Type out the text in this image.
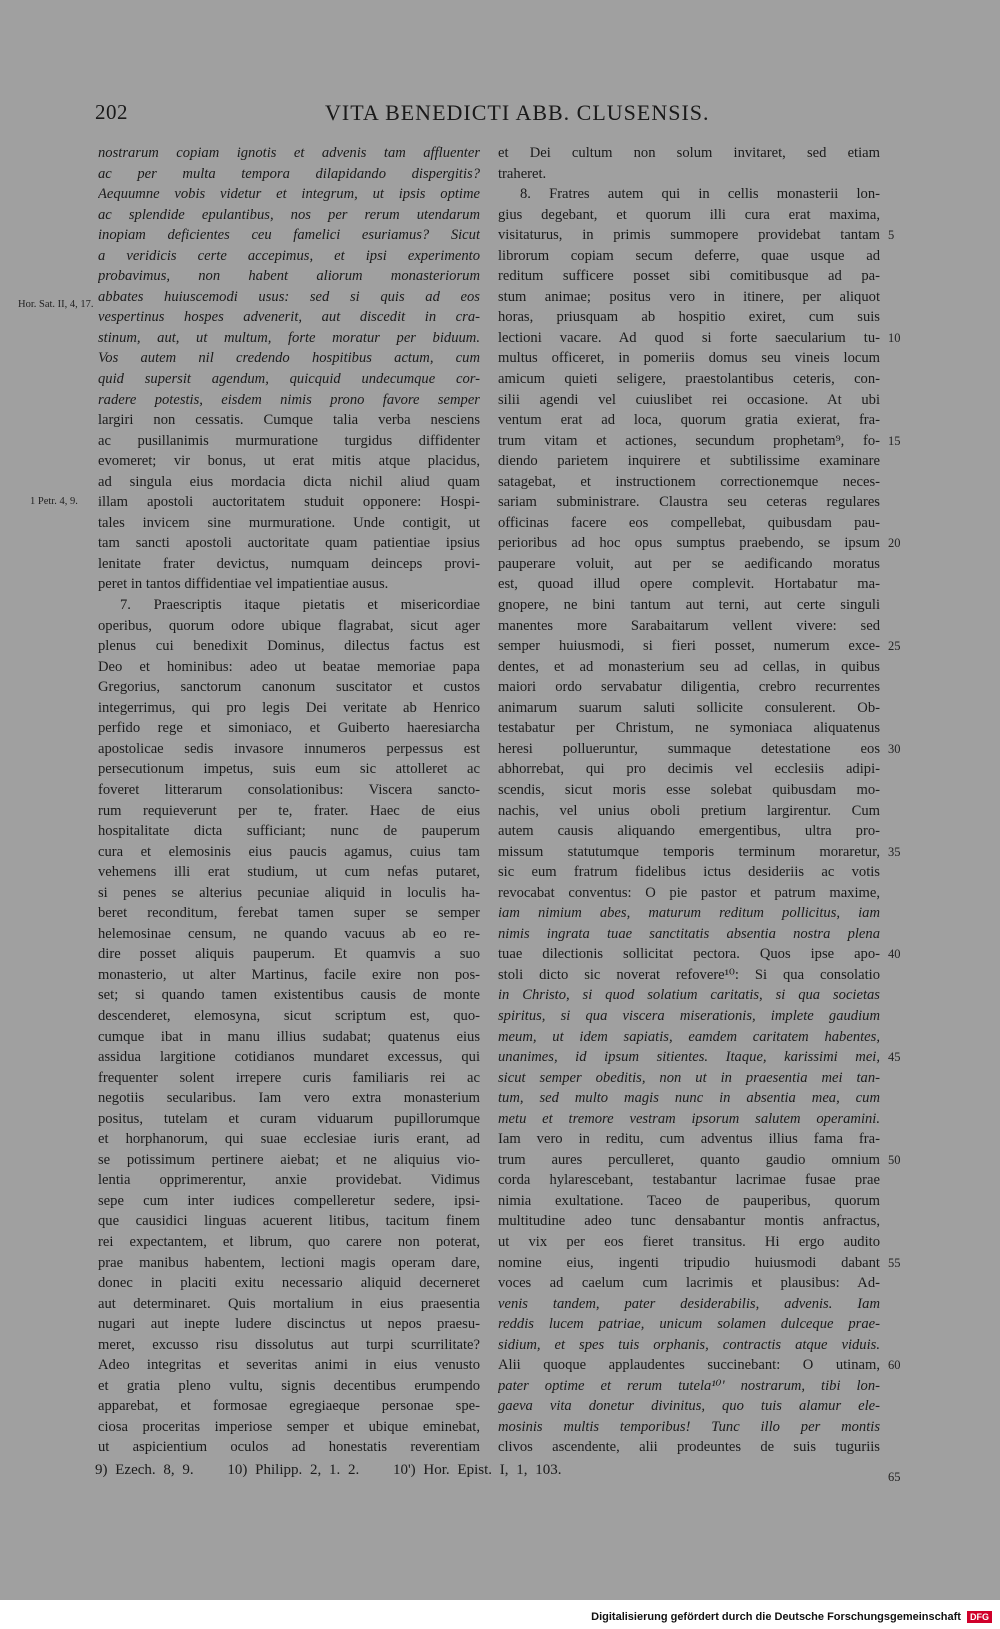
202	VITA BENEDICTI ABB. CLUSENSIS.
Hor. Sat. II, 4, 17.
1 Petr. 4, 9.
nostrarum copiam ignotis et advenis tam affluenter
ac per multa tempora dilapidando dispergitis?
Aequumne vobis videtur et integrum, ut ipsis optime
ac splendide epulantibus, nos per rerum utendarum
inopiam deficientes ceu famelici esuriamus? Sicut
a veridicis certe accepimus, et ipsi experimento
probavimus, non habent aliorum monasteriorum
abbates huiuscemodi usus: sed si quis ad eos
vespertinus hospes advenerit, aut discedit in cra-
stinum, aut, ut multum, forte moratur per biduum.
Vos autem nil credendo hospitibus actum, cum
quid supersit agendum, quicquid undecumque cor-
radere potestis, eisdem nimis prono favore semper
largiri non cessatis. Cumque talia verba nesciens
ac pusillanimis murmuratione turgidus diffidenter
evomeret; vir bonus, ut erat mitis atque placidus,
ad singula eius mordacia dicta nichil aliud quam
illam apostoli auctoritatem studuit opponere: Hospi-
tales invicem sine murmuratione. Unde contigit, ut
tam sancti apostoli auctoritate quam patientiae ipsius
lenitate frater devictus, numquam deinceps provi-
peret in tantos diffidentiae vel impatientiae ausus.
7. Praescriptis itaque pietatis et misericordiae
operibus, quorum odore ubique flagrabat, sicut ager
plenus cui benedixit Dominus, dilectus factus est
Deo et hominibus: adeo ut beatae memoriae papa
Gregorius, sanctorum canonum suscitator et custos
integerrimus, qui pro legis Dei veritate ab Henrico
perfido rege et simoniaco, et Guiberto haeresiarcha
apostolicae sedis invasore innumeros perpessus est
persecutionum impetus, suis eum sic attolleret ac
foveret litterarum consolationibus: Viscera sancto-
rum requieverunt per te, frater. Haec de eius
hospitalitate dicta sufficiant; nunc de pauperum
cura et elemosinis eius paucis agamus, cuius tam
vehemens illi erat studium, ut cum nefas putaret,
si penes se alterius pecuniae aliquid in loculis ha-
beret reconditum, ferebat tamen super se semper
helemosinae censum, ne quando vacuus ab eo re-
dire posset aliquis pauperum. Et quamvis a suo
monasterio, ut alter Martinus, facile exire non pos-
set; si quando tamen existentibus causis de monte
descenderet, elemosyna, sicut scriptum est, quo-
cumque ibat in manu illius sudabat; quatenus eius
assidua largitione cotidianos mundaret excessus, qui
frequenter solent irrepere curis familiaris rei ac
negotiis secularibus. Iam vero extra monasterium
positus, tutelam et curam viduarum pupillorumque
et horphanorum, qui suae ecclesiae iuris erant, ad
se potissimum pertinere aiebat; et ne aliquius vio-
lentia opprimerentur, anxie providebat. Vidimus
sepe cum inter iudices compelleretur sedere, ipsi-
que causidici linguas acuerent litibus, tacitum finem
rei expectantem, et librum, quo carere non poterat,
prae manibus habentem, lectioni magis operam dare,
donec in placiti exitu necessario aliquid decerneret
aut determinaret. Quis mortalium in eius praesentia
nugari aut inepte ludere discinctus ut nepos praesu-
meret, excusso risu dissolutus aut turpi scurrilitate?
Adeo integritas et severitas animi in eius venusto
et gratia pleno vultu, signis decentibus erumpendo
apparebat, et formosae egregiaeque personae spe-
ciosa proceritas imperiose semper et ubique eminebat,
ut aspicientium oculos ad honestatis reverentiam
et Dei cultum non solum invitaret, sed etiam
traheret.
8. Fratres autem qui in cellis monasterii lon-
gius degebant, et quorum illi cura erat maxima,
visitaturus, in primis summopere providebat tantam
librorum copiam secum deferre, quae usque ad
reditum sufficere posset sibi comitibusque ad pa-
stum animae; positus vero in itinere, per aliquot
horas, priusquam ab hospitio exiret, cum suis
lectioni vacare. Ad quod si forte saecularium tu-
multus officeret, in pomeriis domus seu vineis locum
amicum quieti seligere, praestolantibus ceteris, con-
silii agendi vel cuiuslibet rei occasione. At ubi
ventum erat ad loca, quorum gratia exierat, fra-
trum vitam et actiones, secundum prophetam⁹, fo-
diendo parietem inquirere et subtilissime examinare
satagebat, et instructionem correctionemque neces-
sariam subministrare. Claustra seu ceteras regulares
officinas facere eos compellebat, quibusdam pau-
perioribus ad hoc opus sumptus praebendo, se ipsum
pauperare voluit, aut per se aedificando moratus
est, quoad illud opere complevit. Hortabatur ma-
gnopere, ne bini tantum aut terni, aut certe singuli
manentes more Sarabaitarum vellent vivere: sed
semper huiusmodi, si fieri posset, numerum exce-
dentes, et ad monasterium seu ad cellas, in quibus
maiori ordo servabatur diligentia, crebro recurrentes
animarum suarum saluti sollicite consulerent. Ob-
testabatur per Christum, ne symoniaca aliquatenus
heresi pollueruntur, summaque detestatione eos
abhorrebat, qui pro decimis vel ecclesiis adipi-
scendis, sicut moris esse solebat quibusdam mo-
nachis, vel unius oboli pretium largirentur. Cum
autem causis aliquando emergentibus, ultra pro-
missum statutumque temporis terminum moraretur,
sic eum fratrum fidelibus ictus desideriis ac votis
revocabat conventus: O pie pastor et patrum maxime,
iam nimium abes, maturum reditum pollicitus, iam
nimis ingrata tuae sanctitatis absentia nostra plena
tuae dilectionis sollicitat pectora. Quos ipse apo-
stoli dicto sic noverat refovere¹⁰: Si qua consolatio
in Christo, si quod solatium caritatis, si qua societas
spiritus, si qua viscera miserationis, implete gaudium
meum, ut idem sapiatis, eamdem caritatem habentes,
unanimes, id ipsum sitientes. Itaque, karissimi mei,
sicut semper obeditis, non ut in praesentia mei tan-
tum, sed multo magis nunc in absentia mea, cum
metu et tremore vestram ipsorum salutem operamini.
Iam vero in reditu, cum adventus illius fama fra-
trum aures perculleret, quanto gaudio omnium
corda hylarescebant, testabantur lacrimae fusae prae
nimia exultatione. Taceo de pauperibus, quorum
multitudine adeo tunc densabantur montis anfractus,
ut vix per eos fieret transitus. Hi ergo audito
nomine eius, ingenti tripudio huiusmodi dabant
voces ad caelum cum lacrimis et plausibus: Ad-
venis tandem, pater desiderabilis, advenis. Iam
reddis lucem patriae, unicum solamen dulceque prae-
sidium, et spes tuis orphanis, contractis atque viduis.
Alii quoque applaudentes succinebant: O utinam,
pater optime et rerum tutela¹⁰' nostrarum, tibi lon-
gaeva vita donetur divinitus, quo tuis alamur ele-
mosinis multis temporibus! Tunc illo per montis
clivos ascendente, alii prodeuntes de suis tuguriis
5
10
15
20
25
30
35
40
45
50
55
60
65
9) Ezech. 8, 9. 10) Philipp. 2, 1. 2. 10') Hor. Epist. I, 1, 103.
Digitalisierung gefördert durch die Deutsche Forschungsgemeinschaft DFG
